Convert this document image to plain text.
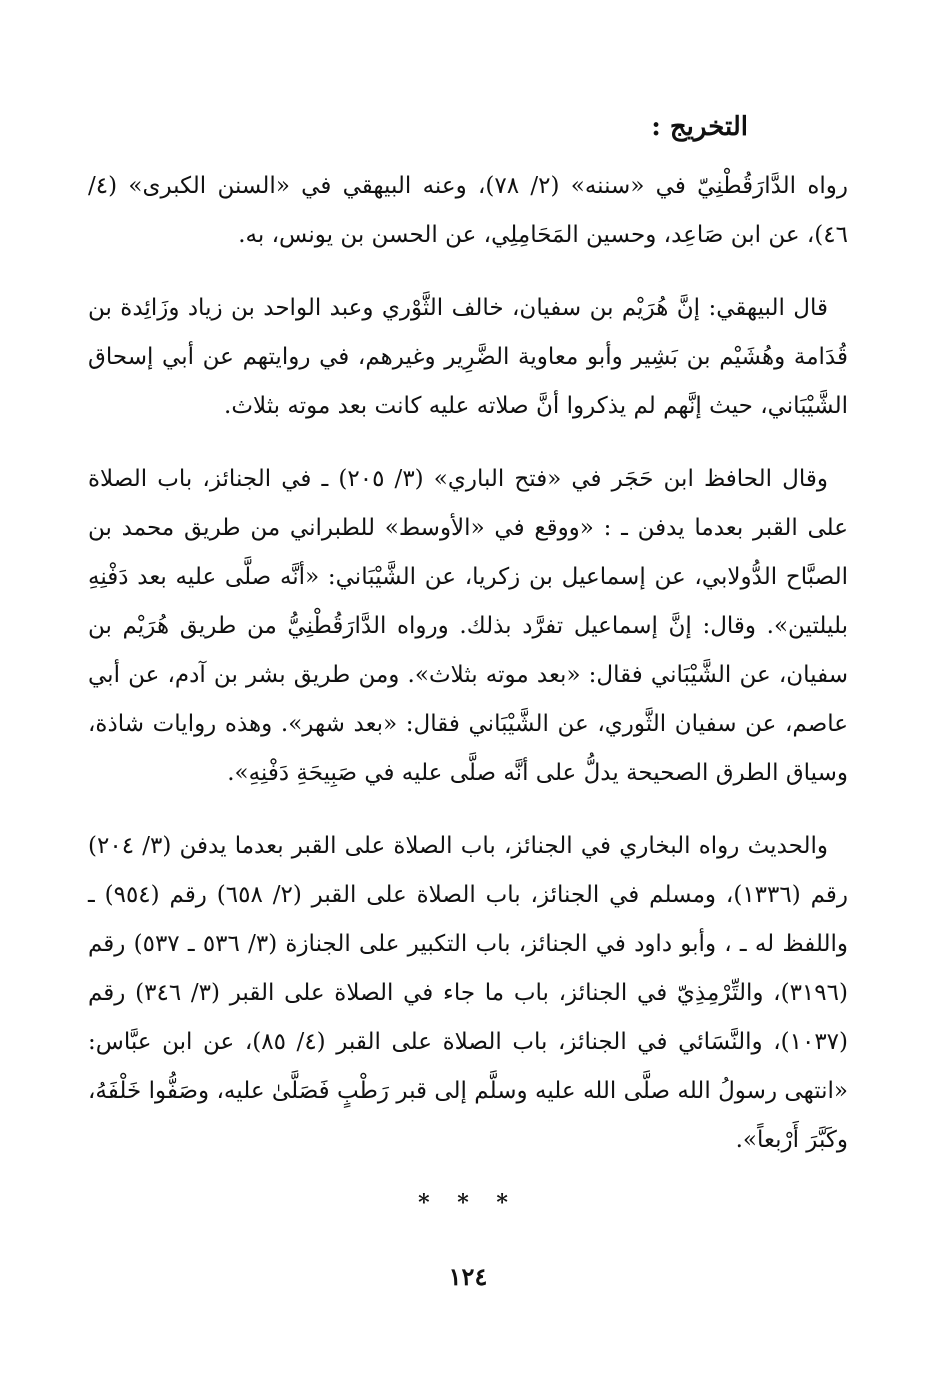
التخريج :

رواه الدَّارَقُطْنِيّ في «سننه» (٢/ ٧٨)، وعنه البيهقي في «السنن الكبرى» (٤/ ٤٦)، عن ابن صَاعِد، وحسين المَحَامِلِي، عن الحسن بن يونس، به.

قال البيهقي: إنَّ هُرَيْم بن سفيان، خالف الثَّوْري وعبد الواحد بن زياد وزَائِدة بن قُدَامة وهُشَيْم بن بَشِير وأبو معاوية الضَّرِير وغيرهم، في روايتهم عن أبي إسحاق الشَّيْبَاني، حيث إنَّهم لم يذكروا أنَّ صلاته عليه كانت بعد موته بثلاث.

وقال الحافظ ابن حَجَر في «فتح الباري» (٣/ ٢٠٥) ـ في الجنائز، باب الصلاة على القبر بعدما يدفن ـ : «ووقع في «الأوسط» للطبراني من طريق محمد بن الصبَّاح الدُّولابي، عن إسماعيل بن زكريا، عن الشَّيْبَاني: «أنَّه صلَّى عليه بعد دَفْنِهِ بليلتين». وقال: إنَّ إسماعيل تفرَّد بذلك. ورواه الدَّارَقُطْنِيُّ من طريق هُرَيْم بن سفيان، عن الشَّيْبَاني فقال: «بعد موته بثلاث». ومن طريق بشر بن آدم، عن أبي عاصم، عن سفيان الثَّوري، عن الشَّيْبَاني فقال: «بعد شهر». وهذه روايات شاذة، وسياق الطرق الصحيحة يدلُّ على أنَّه صلَّى عليه في صَبِيحَةِ دَفْنِهِ».

والحديث رواه البخاري في الجنائز، باب الصلاة على القبر بعدما يدفن (٣/ ٢٠٤) رقم (١٣٣٦)، ومسلم في الجنائز، باب الصلاة على القبر (٢/ ٦٥٨) رقم (٩٥٤) ـ واللفظ له ـ ، وأبو داود في الجنائز، باب التكبير على الجنازة (٣/ ٥٣٦ ـ ٥٣٧) رقم (٣١٩٦)، والتِّرْمِذِيّ في الجنائز، باب ما جاء في الصلاة على القبر (٣/ ٣٤٦) رقم (١٠٣٧)، والنَّسَائي في الجنائز، باب الصلاة على القبر (٤/ ٨٥)، عن ابن عبَّاس: «انتهى رسولُ الله صلَّى الله عليه وسلَّم إلى قبر رَطْبٍ فَصَلَّىٰ عليه، وصَفُّوا خَلْفَهُ، وكَبَّرَ أَرْبعاً».

* * *
١٢٤
